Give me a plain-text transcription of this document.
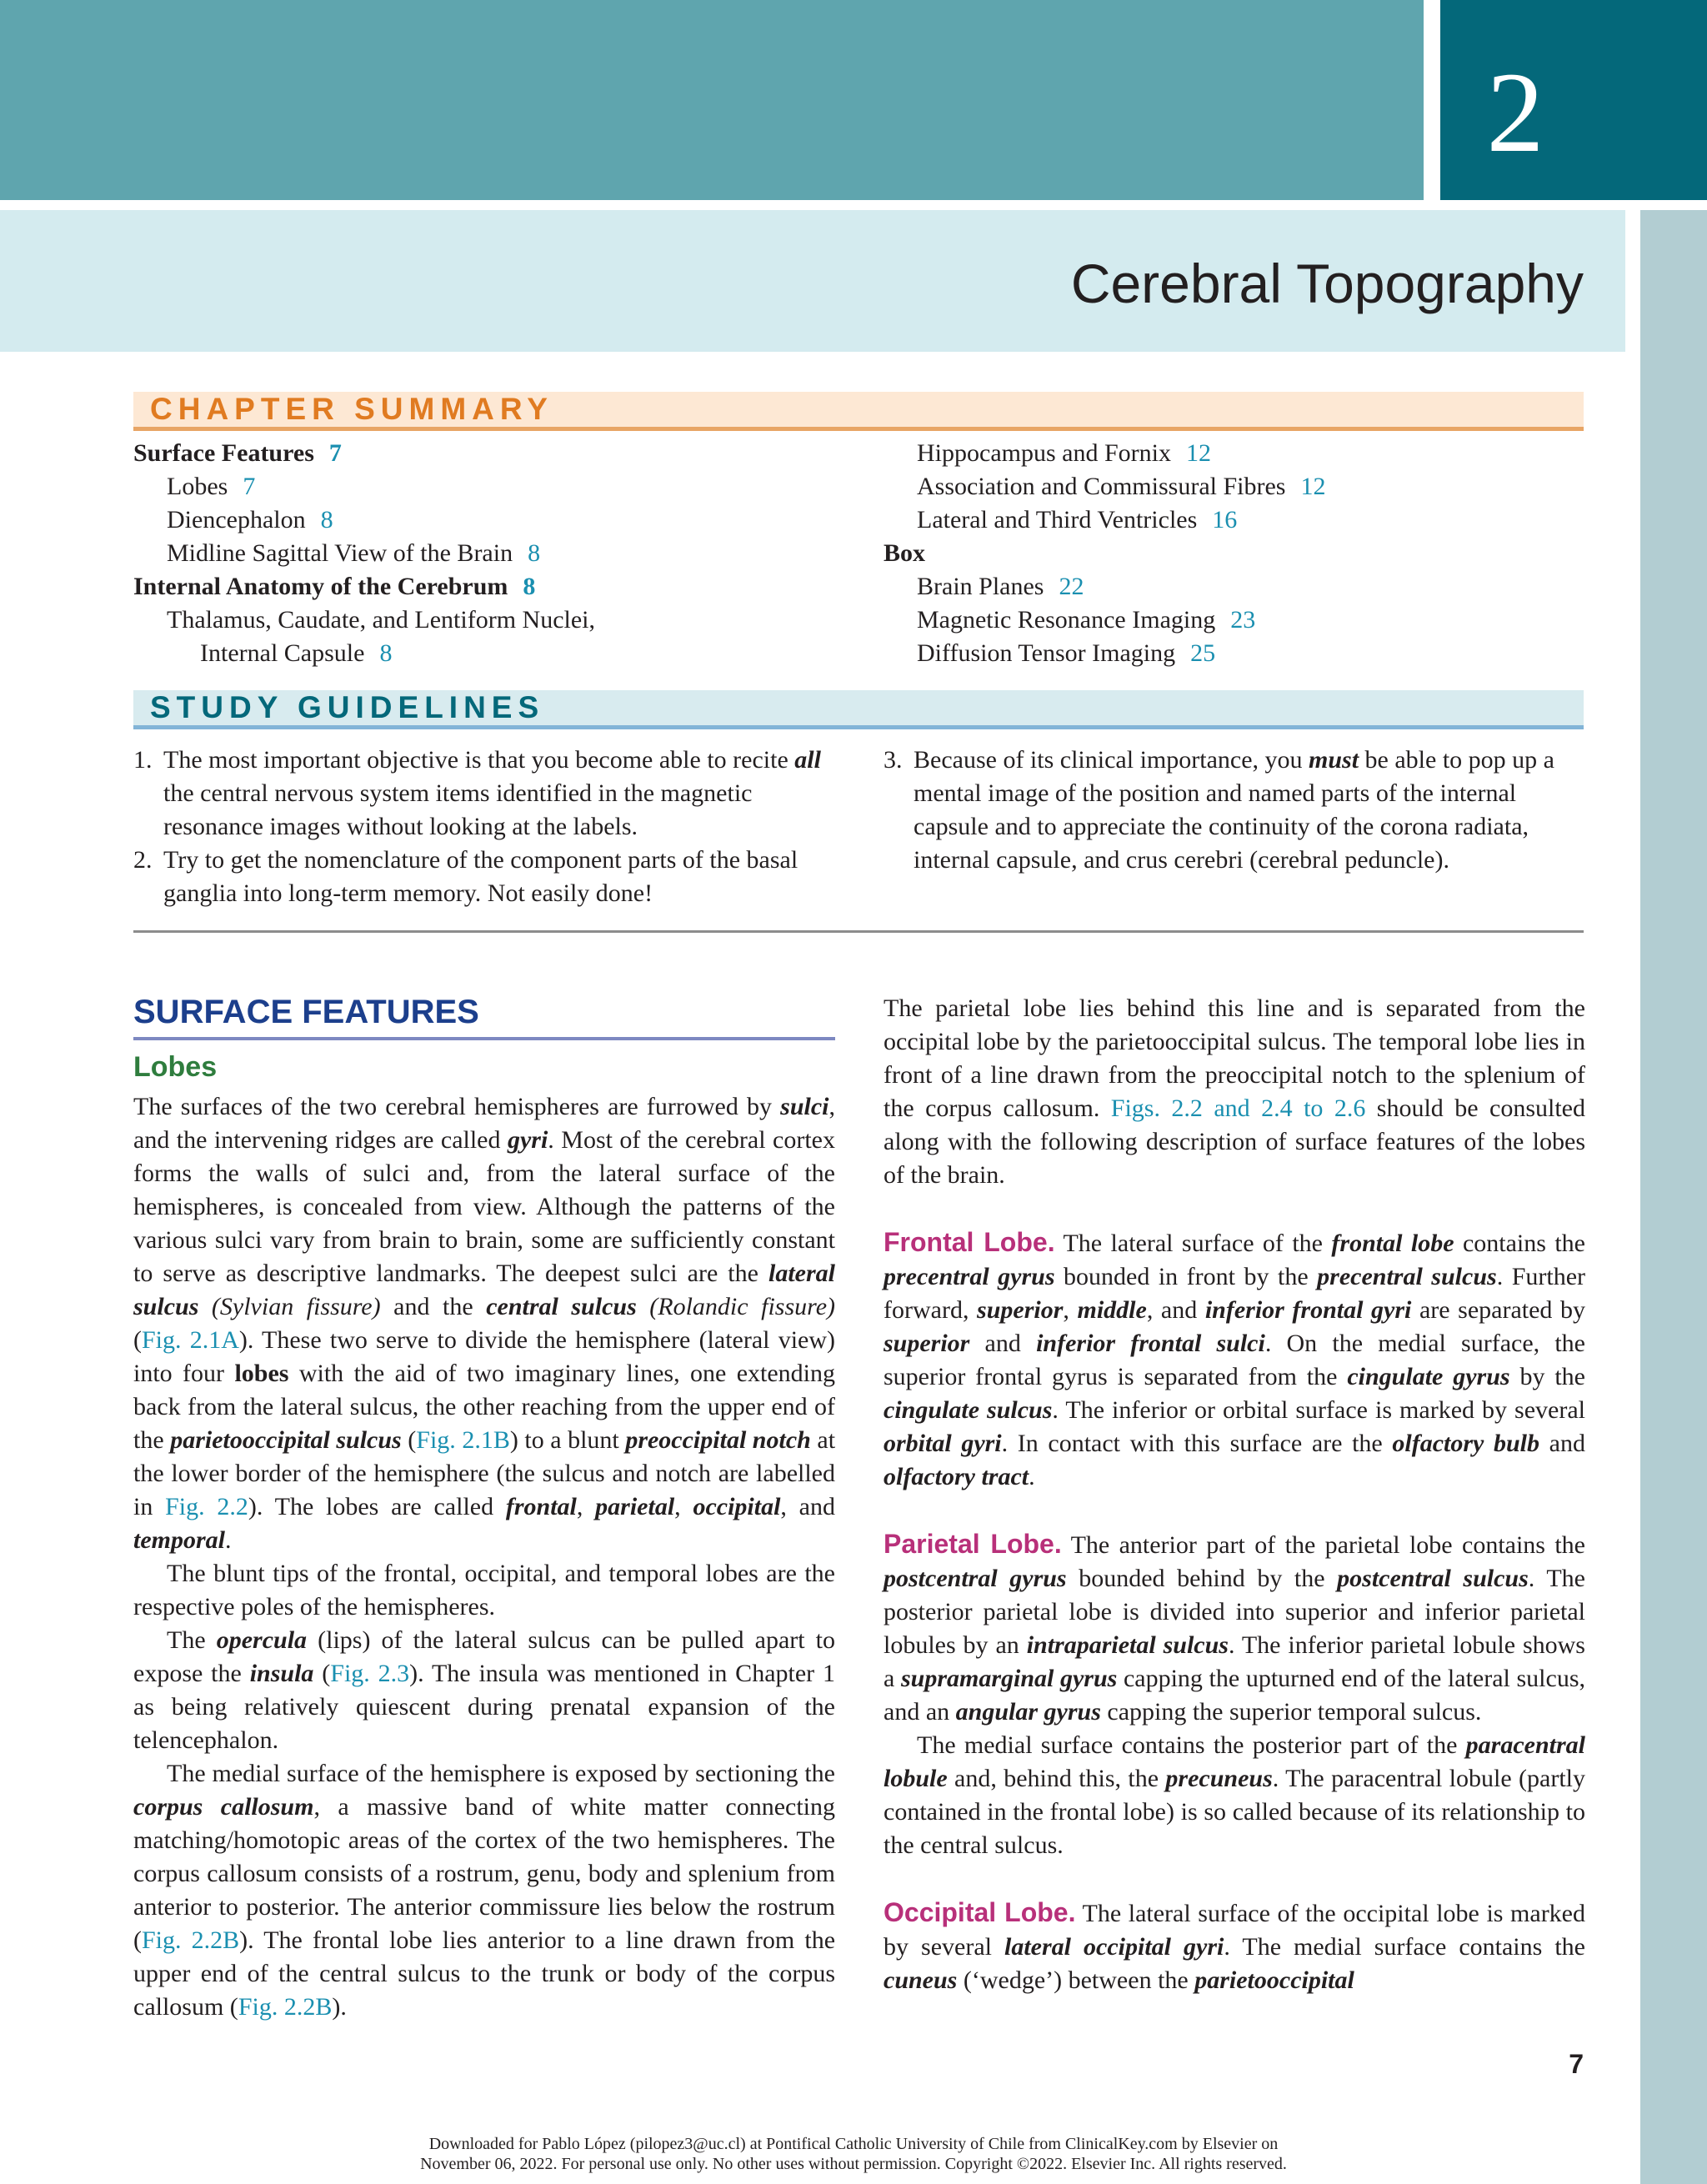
2
Cerebral Topography
CHAPTER SUMMARY
Surface Features 7
Lobes 7
Diencephalon 8
Midline Sagittal View of the Brain 8
Internal Anatomy of the Cerebrum 8
Thalamus, Caudate, and Lentiform Nuclei,
Internal Capsule 8
Hippocampus and Fornix 12
Association and Commissural Fibres 12
Lateral and Third Ventricles 16
Box
Brain Planes 22
Magnetic Resonance Imaging 23
Diffusion Tensor Imaging 25
STUDY GUIDELINES
1. The most important objective is that you become able to recite all the central nervous system items identified in the magnetic resonance images without looking at the labels.
2. Try to get the nomenclature of the component parts of the basal ganglia into long-term memory. Not easily done!
3. Because of its clinical importance, you must be able to pop up a mental image of the position and named parts of the internal capsule and to appreciate the continuity of the corona radiata, internal capsule, and crus cerebri (cerebral peduncle).
SURFACE FEATURES
Lobes

The surfaces of the two cerebral hemispheres are furrowed by sulci, and the intervening ridges are called gyri. Most of the cerebral cortex forms the walls of sulci and, from the lateral surface of the hemispheres, is concealed from view. Although the patterns of the various sulci vary from brain to brain, some are sufficiently constant to serve as descriptive landmarks. The deepest sulci are the lateral sulcus (Sylvian fissure) and the central sulcus (Rolandic fissure) (Fig. 2.1A). These two serve to divide the hemisphere (lateral view) into four lobes with the aid of two imaginary lines, one extending back from the lateral sulcus, the other reaching from the upper end of the parietooccipital sulcus (Fig. 2.1B) to a blunt preoccipital notch at the lower border of the hemisphere (the sulcus and notch are labelled in Fig. 2.2). The lobes are called frontal, parietal, occipital, and temporal.

The blunt tips of the frontal, occipital, and temporal lobes are the respective poles of the hemispheres.

The opercula (lips) of the lateral sulcus can be pulled apart to expose the insula (Fig. 2.3). The insula was mentioned in Chapter 1 as being relatively quiescent during prenatal expansion of the telencephalon.

The medial surface of the hemisphere is exposed by sectioning the corpus callosum, a massive band of white matter connecting matching/homotopic areas of the cortex of the two hemispheres. The corpus callosum consists of a rostrum, genu, body and splenium from anterior to posterior. The anterior commissure lies below the rostrum (Fig. 2.2B). The frontal lobe lies anterior to a line drawn from the upper end of the central sulcus to the trunk or body of the corpus callosum (Fig. 2.2B).

The parietal lobe lies behind this line and is separated from the occipital lobe by the parietooccipital sulcus. The temporal lobe lies in front of a line drawn from the preoccipital notch to the splenium of the corpus callosum. Figs. 2.2 and 2.4 to 2.6 should be consulted along with the following description of surface features of the lobes of the brain.

Frontal Lobe. The lateral surface of the frontal lobe contains the precentral gyrus bounded in front by the precentral sulcus. Further forward, superior, middle, and inferior frontal gyri are separated by superior and inferior frontal sulci. On the medial surface, the superior frontal gyrus is separated from the cingulate gyrus by the cingulate sulcus. The inferior or orbital surface is marked by several orbital gyri. In contact with this surface are the olfactory bulb and olfactory tract.

Parietal Lobe. The anterior part of the parietal lobe contains the postcentral gyrus bounded behind by the postcentral sulcus. The posterior parietal lobe is divided into superior and inferior parietal lobules by an intraparietal sulcus. The inferior parietal lobule shows a supramarginal gyrus capping the upturned end of the lateral sulcus, and an angular gyrus capping the superior temporal sulcus.

The medial surface contains the posterior part of the paracentral lobule and, behind this, the precuneus. The paracentral lobule (partly contained in the frontal lobe) is so called because of its relationship to the central sulcus.

Occipital Lobe. The lateral surface of the occipital lobe is marked by several lateral occipital gyri. The medial surface contains the cuneus (‘wedge’) between the parietooccipital

7
Downloaded for Pablo López (pilopez3@uc.cl) at Pontifical Catholic University of Chile from ClinicalKey.com by Elsevier on
November 06, 2022. For personal use only. No other uses without permission. Copyright ©2022. Elsevier Inc. All rights reserved.
